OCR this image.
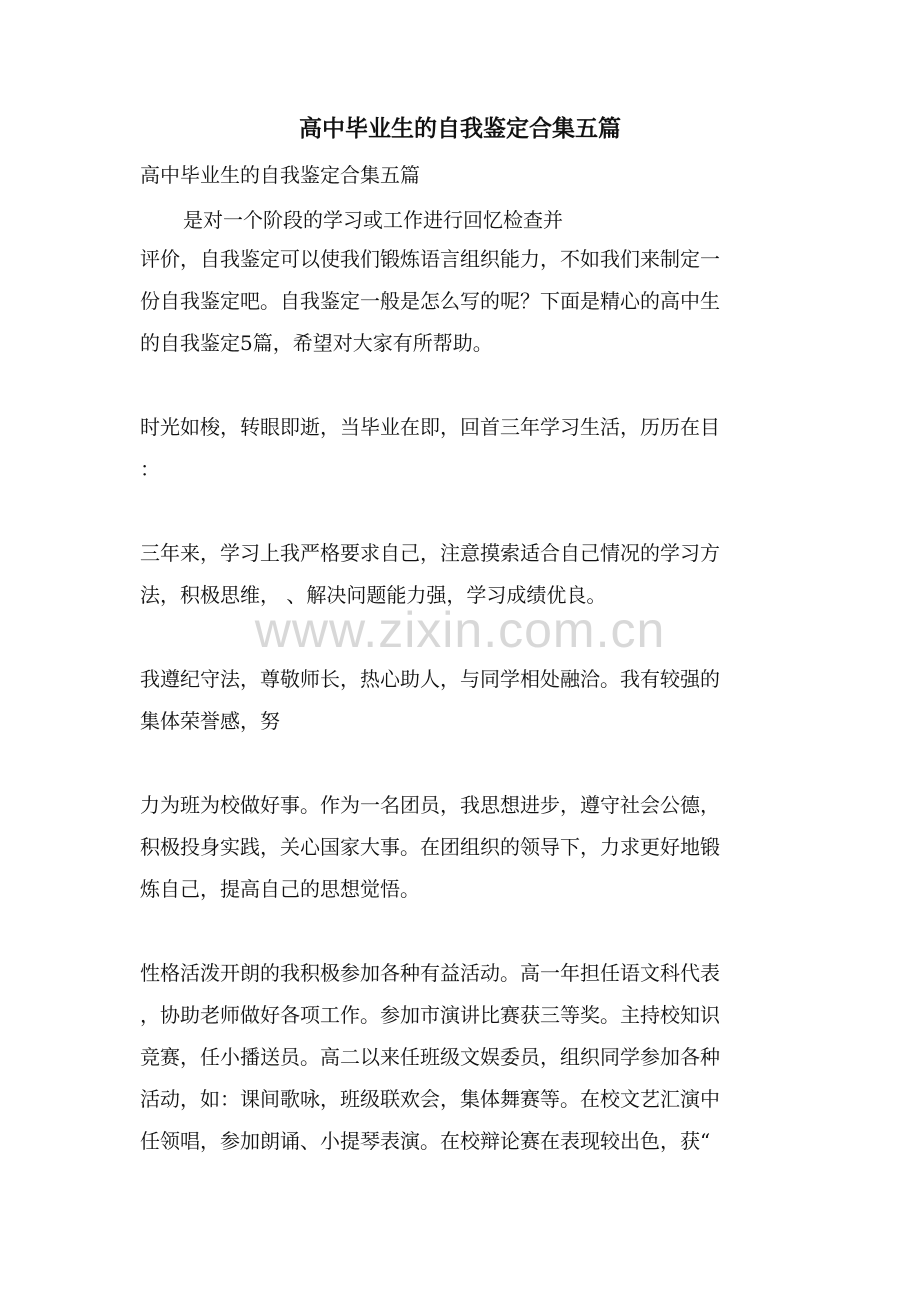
高中毕业生的自我鉴定合集五篇
高中毕业生的自我鉴定合集五篇
是对一个阶段的学习或工作进行回忆检查并
评价，自我鉴定可以使我们锻炼语言组织能力，不如我们来制定一
份自我鉴定吧。自我鉴定一般是怎么写的呢？下面是精心的高中生
的自我鉴定5篇，希望对大家有所帮助。
时光如梭，转眼即逝，当毕业在即，回首三年学习生活，历历在目
：
三年来，学习上我严格要求自己，注意摸索适合自己情况的学习方
法，积极思维， 、解决问题能力强，学习成绩优良。
www.zixin.com.cn
我遵纪守法，尊敬师长，热心助人，与同学相处融洽。我有较强的
集体荣誉感，努
力为班为校做好事。作为一名团员，我思想进步，遵守社会公德，
积极投身实践，关心国家大事。在团组织的领导下，力求更好地锻
炼自己，提高自己的思想觉悟。
性格活泼开朗的我积极参加各种有益活动。高一年担任语文科代表
，协助老师做好各项工作。参加市演讲比赛获三等奖。主持校知识
竞赛，任小播送员。高二以来任班级文娱委员，组织同学参加各种
活动，如：课间歌咏，班级联欢会，集体舞赛等。在校文艺汇演中
任领唱，参加朗诵、小提琴表演。在校辩论赛在表现较出色，获“
